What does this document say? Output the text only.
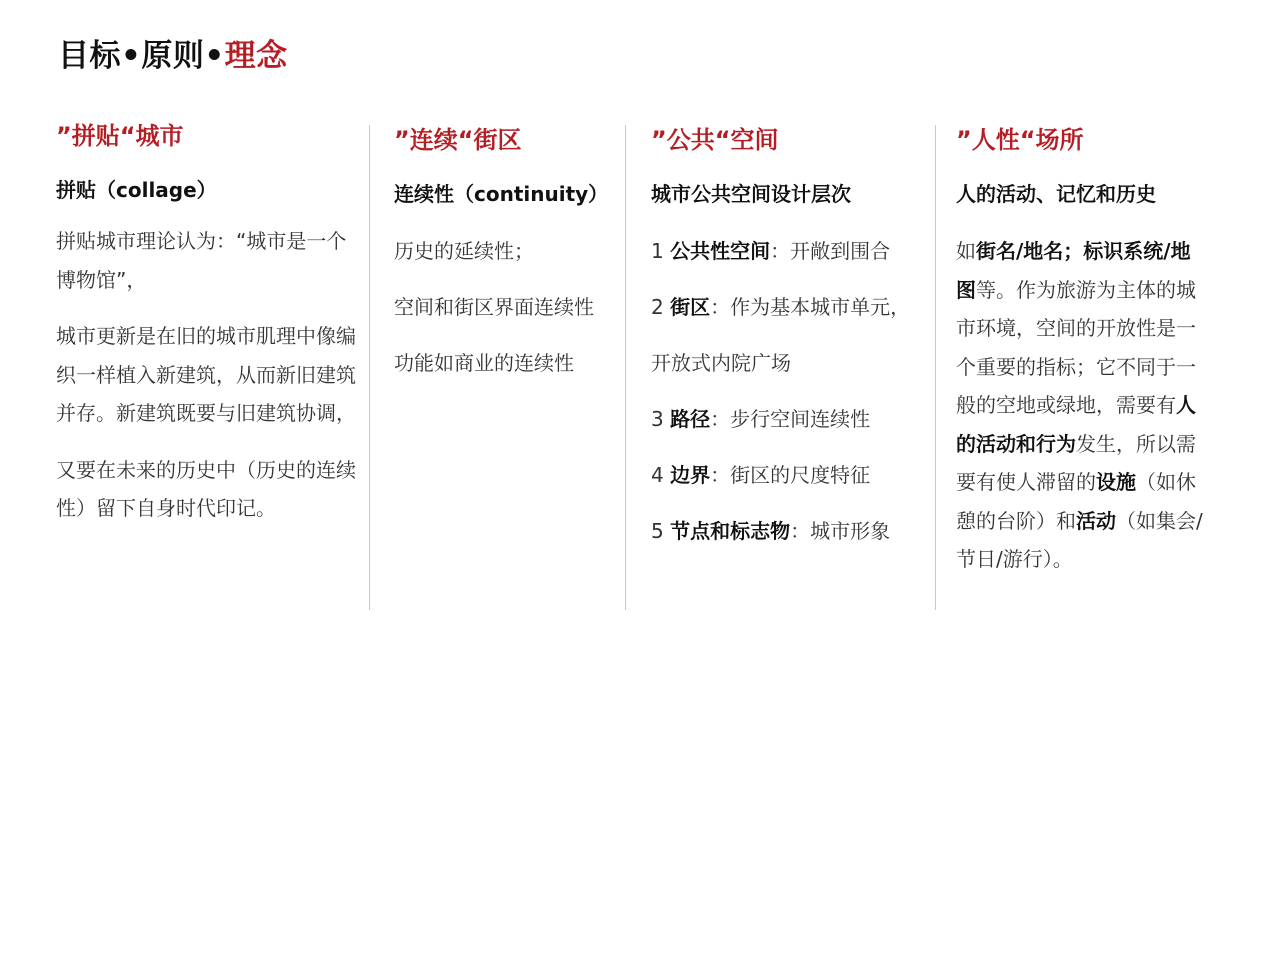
目标•原则•理念
”拼贴“城市
拼贴（collage）

拼贴城市理论认为：“城市是一个博物馆”，

城市更新是在旧的城市肌理中像编织一样植入新建筑，从而新旧建筑并存。新建筑既要与旧建筑协调，

又要在未来的历史中（历史的连续性）留下自身时代印记。

”连续“街区
连续性（continuity）

历史的延续性；

空间和街区界面连续性

功能如商业的连续性

”公共“空间
城市公共空间设计层次

1 公共性空间：开敞到围合

2 街区：作为基本城市单元，

开放式内院广场

3 路径：步行空间连续性

4 边界：街区的尺度特征

5 节点和标志物：城市形象

”人性“场所
人的活动、记忆和历史

如街名/地名；标识系统/地图等。作为旅游为主体的城市环境，空间的开放性是一个重要的指标；它不同于一般的空地或绿地，需要有人的活动和行为发生，所以需要有使人滞留的设施（如休憩的台阶）和活动（如集会/节日/游行）。
